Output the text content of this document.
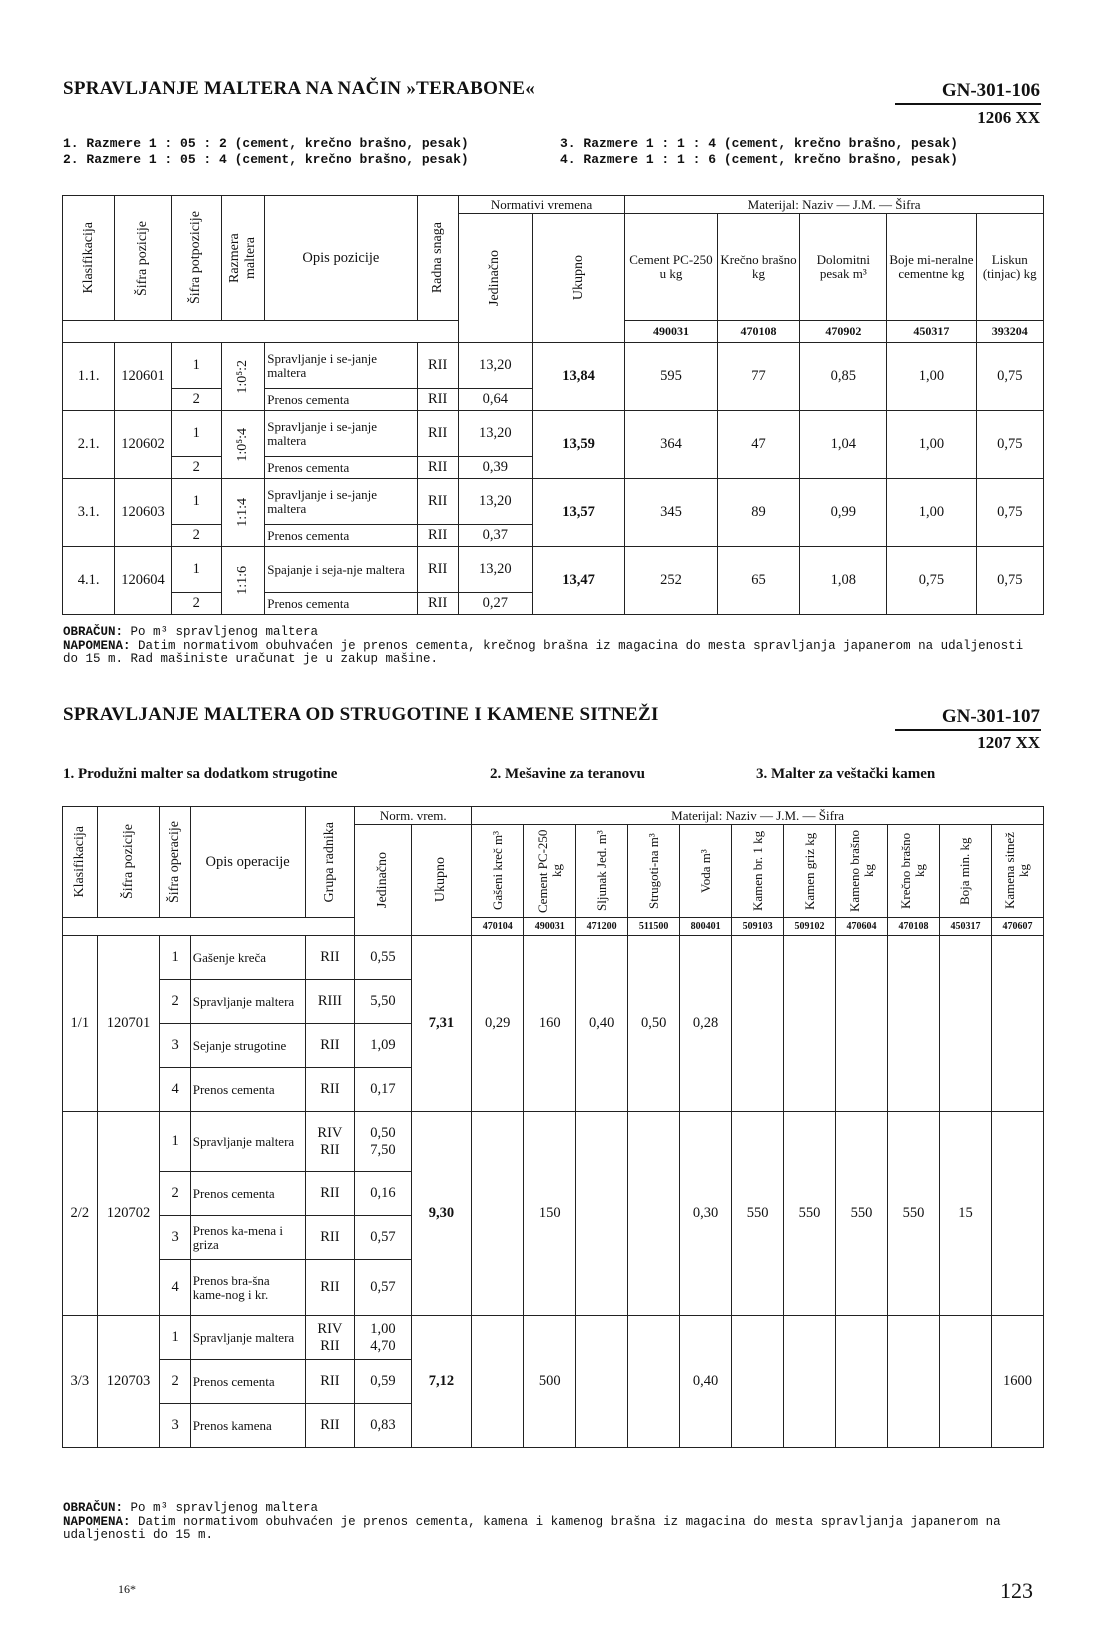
SPRAVLJANJE MALTERA NA NAČIN »TERABONE«	GN-301-106
1206 XX
1. Razmere 1 : 05 : 2 (cement, krečno brašno, pesak)
2. Razmere 1 : 05 : 4 (cement, krečno brašno, pesak)
3. Razmere 1 : 1 : 4 (cement, krečno brašno, pesak)
4. Razmere 1 : 1 : 6 (cement, krečno brašno, pesak)
Klasifikacija	Šifra pozicije	Šifra potpozicije	Razmera maltera	Opis pozicije	Radna snaga	Normativi vremena		Materijal: Naziv — J.M. — Šifra				

						Jedinačno	Ukupno	Cement PC-250 u kg	Krečno brašno kg	Dolomitni pesak m³	Boje mi-neralne cementne kg	Liskun (tinjac) kg
								490031	470108	470902	450317	393204
1.1.	120601	1	1:0⁵:2	Spravljanje i se-janje maltera	RII	13,20	13,84	595	77	0,85	1,00	0,75
		2		Prenos cementa	RII	0,64						
2.1.	120602	1	1:0⁵:4	Spravljanje i se-janje maltera	RII	13,20	13,59	364	47	1,04	1,00	0,75
		2		Prenos cementa	RII	0,39						
3.1.	120603	1	1:1:4	Spravljanje i se-janje maltera	RII	13,20	13,57	345	89	0,99	1,00	0,75
		2		Prenos cementa	RII	0,37						
4.1.	120604	1	1:1:6	Spajanje i seja-nje maltera	RII	13,20	13,47	252	65	1,08	0,75	0,75
		2		Prenos cementa	RII	0,27						
OBRAČUN: Po m³ spravljenog maltera
NAPOMENA: Datim normativom obuhvaćen je prenos cementa, krečnog brašna iz magacina do mesta spravljanja japanerom na udaljenosti do 15 m. Rad mašiniste uračunat je u zakup mašine.
SPRAVLJANJE MALTERA OD STRUGOTINE I KAMENE SITNEŽI	GN-301-107
1207 XX
1. Produžni malter sa dodatkom strugotine	2. Mešavine za teranovu	3. Malter za veštački kamen
Klasifikacija	Šifra pozicije	Šifra operacije	Opis operacije	Grupa radnika	Norm. vrem.		Materijal: Naziv — J.M. — Šifra										

					Jedinačno	Ukupno	Gašeni kreč m³	Cement PC-250 kg	Sljunak Jed. m³	Strugoti-na m³	Voda m³	Kamen br. 1 kg	Kamen griz kg	Kameno brašno kg	Krečno brašno kg	Boja min. kg	Kamena sitnež kg

							470104	490031	471200	511500	800401	509103	509102	470604	470108	450317	470607
1/1	120701	1	Gašenje kreča	RII	0,55	7,31	0,29	160	0,40	0,50	0,28						
		2	Spravljanje maltera	RIII	5,50												
		3	Sejanje strugotine	RII	1,09												
		4	Prenos cementa	RII	0,17												
2/2	120702	1	Spravljanje maltera	RIV RII	0,50 7,50	9,30		150			0,30	550	550	550	550	15	
		2	Prenos cementa	RII	0,16												
		3	Prenos ka-mena i griza	RII	0,57												
		4	Prenos bra-šna kame-nog i kr.	RII	0,57												
3/3	120703	1	Spravljanje maltera	RIV RII	1,00 4,70	7,12		500			0,40						1600
		2	Prenos cementa	RII	0,59												
		3	Prenos kamena	RII	0,83												
OBRAČUN: Po m³ spravljenog maltera
NAPOMENA: Datim normativom obuhvaćen je prenos cementa, kamena i kamenog brašna iz magacina do mesta spravljanja japanerom na udaljenosti do 15 m.
16*	123
